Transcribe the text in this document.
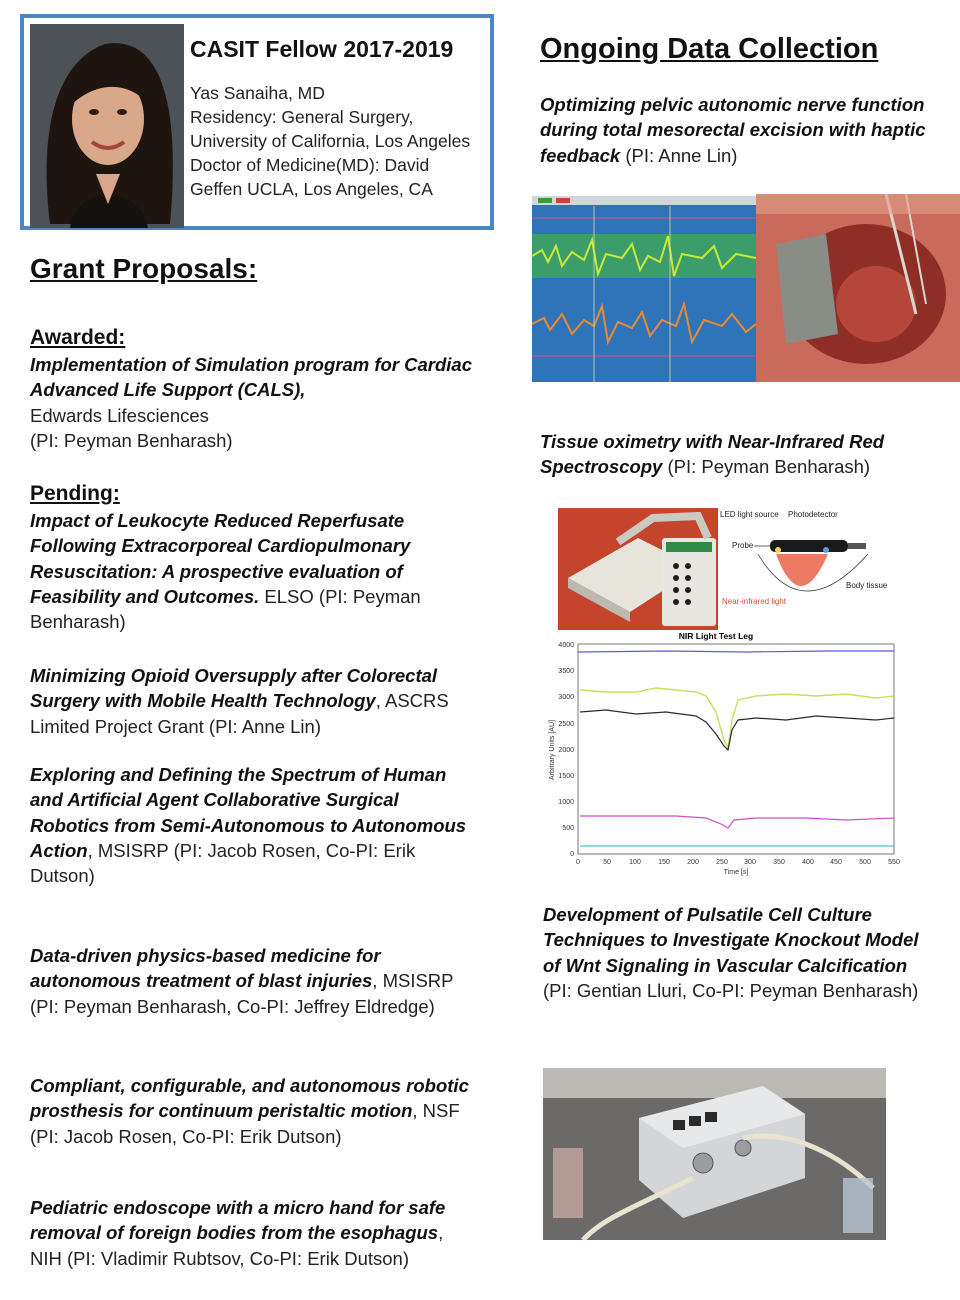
CASIT Fellow 2017-2019
Yas Sanaiha, MD
Residency: General Surgery,
University of California, Los Angeles
Doctor of Medicine(MD): David
Geffen UCLA, Los Angeles, CA
Grant Proposals:
Awarded:
Implementation of Simulation program for Cardiac Advanced Life Support (CALS),
Edwards Lifesciences
(PI: Peyman Benharash)
Pending:
Impact of Leukocyte Reduced Reperfusate Following Extracorporeal Cardiopulmonary Resuscitation: A prospective evaluation of Feasibility and Outcomes. ELSO (PI: Peyman Benharash)
Minimizing Opioid Oversupply after Colorectal Surgery with Mobile Health Technology, ASCRS Limited Project Grant (PI: Anne Lin)
Exploring and Defining the Spectrum of Human and Artificial Agent Collaborative Surgical Robotics from Semi-Autonomous to Autonomous Action, MSISRP (PI: Jacob Rosen, Co-PI: Erik Dutson)
Data-driven physics-based medicine for autonomous treatment of blast injuries, MSISRP (PI: Peyman Benharash, Co-PI: Jeffrey Eldredge)
Compliant, configurable, and autonomous robotic prosthesis for continuum peristaltic motion, NSF (PI: Jacob Rosen, Co-PI: Erik Dutson)
Pediatric endoscope with a micro hand for safe removal of foreign bodies from the esophagus, NIH (PI: Vladimir Rubtsov, Co-PI: Erik Dutson)
Ongoing Data Collection
Optimizing pelvic autonomic nerve function during total mesorectal excision with haptic feedback (PI: Anne Lin)
Tissue oximetry with Near-Infrared Red Spectroscopy (PI: Peyman Benharash)
LED light source Photodetector
Probe
Near-infrared light
Body tissue
NIR Light Test Leg
4000
3500
3000
2500
2000
1500
1000
500
0
0	50	100 150 200 250 300 350 400 450 500 550
Time [s]
Arbitrary Units [AU]
Development of Pulsatile Cell Culture Techniques to Investigate Knockout Model of Wnt Signaling in Vascular Calcification (PI: Gentian Lluri, Co-PI: Peyman Benharash)
